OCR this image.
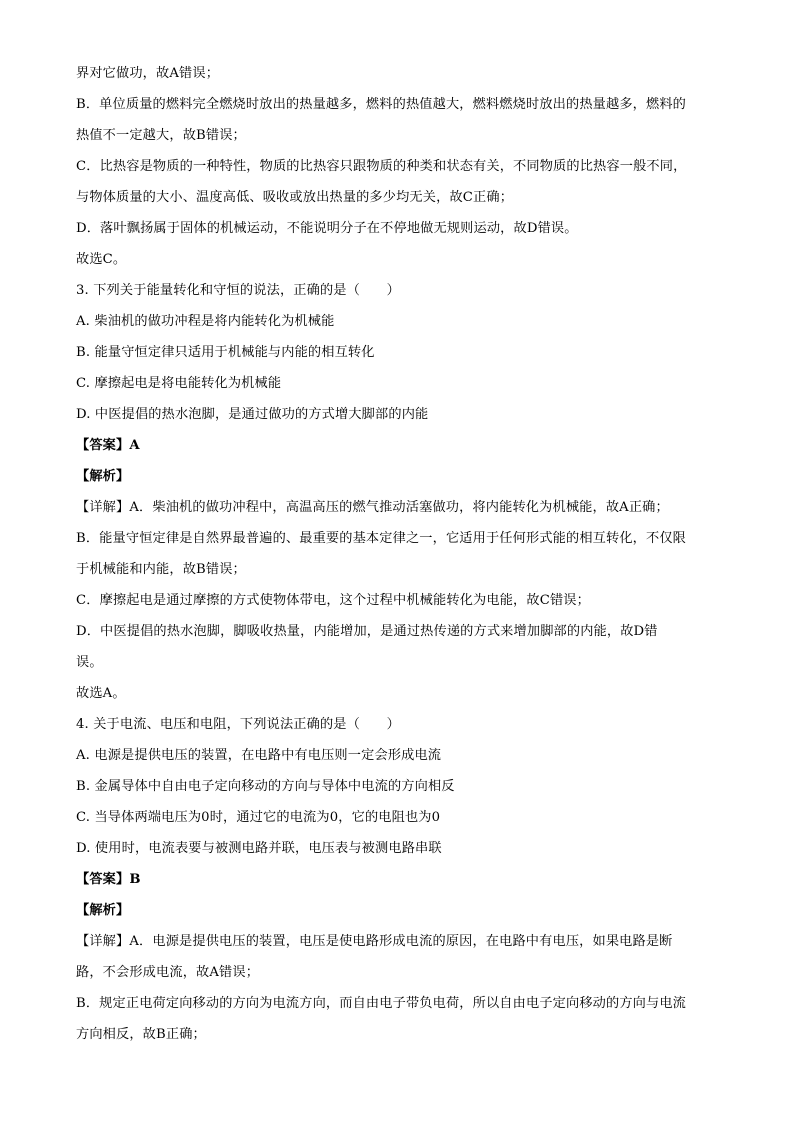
界对它做功，故A错误；
B．单位质量的燃料完全燃烧时放出的热量越多，燃料的热值越大，燃料燃烧时放出的热量越多，燃料的
热值不一定越大，故B错误；
C．比热容是物质的一种特性，物质的比热容只跟物质的种类和状态有关，不同物质的比热容一般不同，
与物体质量的大小、温度高低、吸收或放出热量的多少均无关，故C正确；
D．落叶飘扬属于固体的机械运动，不能说明分子在不停地做无规则运动，故D错误。
故选C。
3. 下列关于能量转化和守恒的说法，正确的是（　　）
A. 柴油机的做功冲程是将内能转化为机械能
B. 能量守恒定律只适用于机械能与内能的相互转化
C. 摩擦起电是将电能转化为机械能
D. 中医提倡的热水泡脚，是通过做功的方式增大脚部的内能
【答案】A
【解析】
【详解】A．柴油机的做功冲程中，高温高压的燃气推动活塞做功，将内能转化为机械能，故A正确；
B．能量守恒定律是自然界最普遍的、最重要的基本定律之一，它适用于任何形式能的相互转化，不仅限
于机械能和内能，故B错误；
C．摩擦起电是通过摩擦的方式使物体带电，这个过程中机械能转化为电能，故C错误；
D．中医提倡的热水泡脚，脚吸收热量，内能增加，是通过热传递的方式来增加脚部的内能，故D错
误。
故选A。
4. 关于电流、电压和电阻，下列说法正确的是（　　）
A. 电源是提供电压的装置，在电路中有电压则一定会形成电流
B. 金属导体中自由电子定向移动的方向与导体中电流的方向相反
C. 当导体两端电压为0时，通过它的电流为0，它的电阻也为0
D. 使用时，电流表要与被测电路并联，电压表与被测电路串联
【答案】B
【解析】
【详解】A．电源是提供电压的装置，电压是使电路形成电流的原因，在电路中有电压，如果电路是断
路，不会形成电流，故A错误；
B．规定正电荷定向移动的方向为电流方向，而自由电子带负电荷，所以自由电子定向移动的方向与电流
方向相反，故B正确；
